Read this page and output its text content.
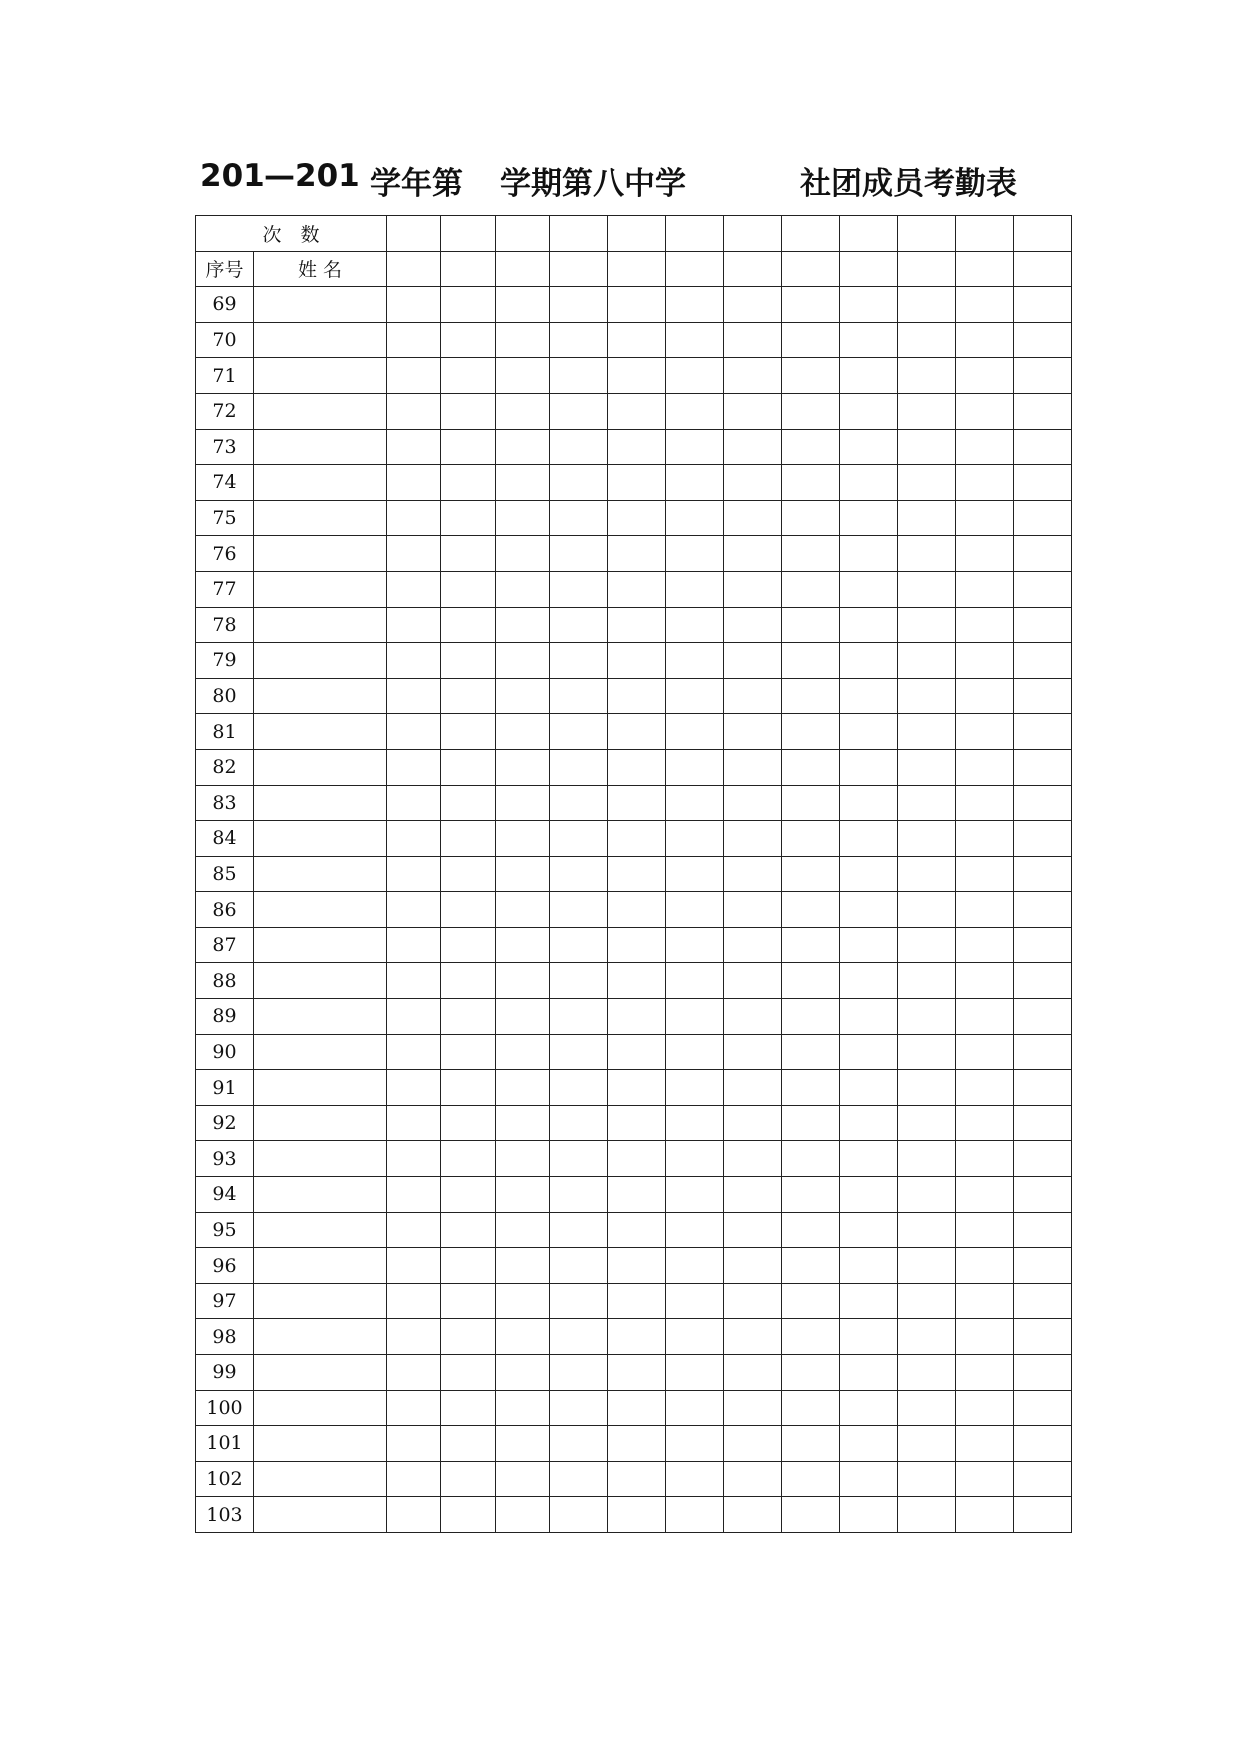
201 —201 学年第 学期第八中学	社团成员考勤表
次　数													
序号	姓 名												
69													
70													
71													
72													
73													
74													
75													
76													
77													
78													
79													
80													
81													
82													
83													
84													
85													
86													
87													
88													
89													
90													
91													
92													
93													
94													
95													
96													
97													
98													
99													
100													
101													
102													
103													
